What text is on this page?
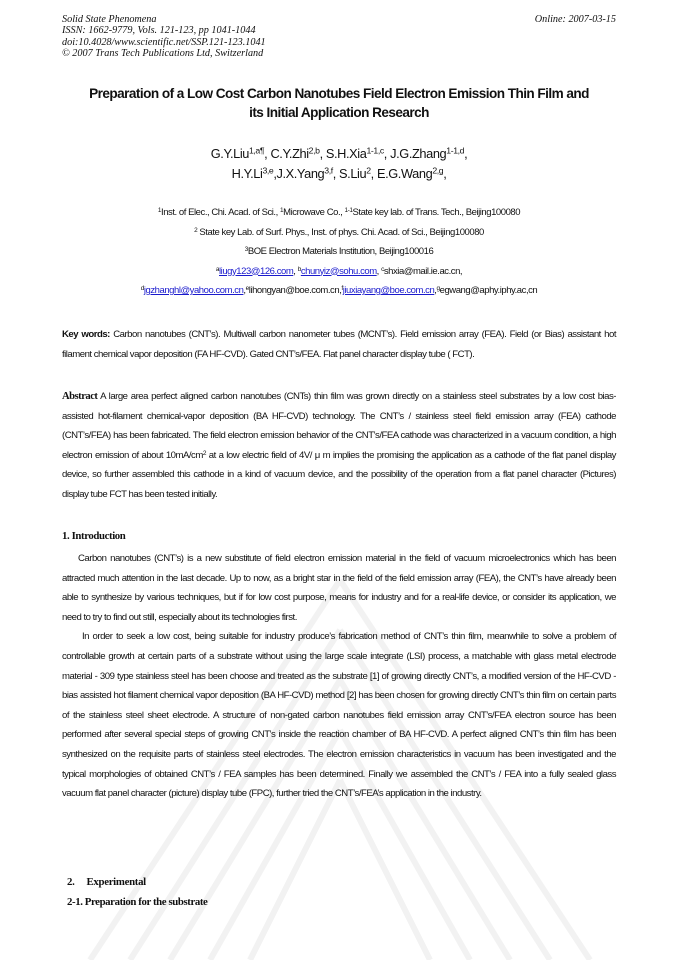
Solid State Phenomena
ISSN: 1662-9779, Vols. 121-123, pp 1041-1044
doi:10.4028/www.scientific.net/SSP.121-123.1041
© 2007 Trans Tech Publications Ltd, Switzerland
Online: 2007-03-15
Preparation of a Low Cost Carbon Nanotubes Field Electron Emission Thin Film and
its Initial Application Research
G.Y.Liu$^{1,a\P}$, C.Y.Zhi$^{2,b}$, S.H.Xia$^{1-1,c}$, J.G.Zhang$^{1-1,d}$,
H.Y.Li$^{3,e}$,J.X.Yang$^{3,f}$, S.Liu$^2$, E.G.Wang$^{2,g}$,
$^1$Inst. of Elec., Chi. Acad. of Sci., $^1$Microwave Co., $^{1-1}$State key lab. of Trans. Tech., Beijing100080
$^2$ State key Lab. of Surf. Phys., Inst. of phys. Chi. Acad. of Sci., Beijing100080
$^3$BOE Electron Materials Institution, Beijing100016
$^a$liugy123@126.com, $^b$chunyiz@sohu.com, $^c$shxia@mail.ie.ac.cn,
$^d$jgzhanghl@yahoo.com.cn,$^e$lihongyan@boe.com.cn,$^f$jiuxiayang@boe.com.cn,$^g$egwang@aphy.iphy.ac,cn

Key words: Carbon nanotubes (CNT’s). Multiwall carbon nanometer tubes (MCNT’s). Field emission array (FEA). Field (or Bias) assistant hot filament chemical vapor deposition (FA HF-CVD). Gated CNT’s/FEA. Flat panel character display tube ( FCT).

Abstract A large area perfect aligned carbon nanotubes (CNTs) thin film was grown directly on a stainless steel substrates by a low cost bias-assisted hot-filament chemical-vapor deposition (BA HF-CVD) technology. The CNT’s / stainless steel field emission array (FEA) cathode (CNT’s/FEA) has been fabricated. The field electron emission behavior of the CNT’s/FEA cathode was characterized in a vacuum condition, a high electron emission of about $10mA/cm^2$ at a low electric field of 4V/ μ m implies the promising the application as a cathode of the flat panel display device, so further assembled this cathode in a kind of vacuum device, and the possibility of the operation from a flat panel character (Pictures) display tube FCT has been tested initially.

1. Introduction

Carbon nanotubes (CNT’s) is a new substitute of field electron emission material in the field of vacuum microelectronics which has been attracted much attention in the last decade. Up to now, as a bright star in the field of the field emission array (FEA), the CNT’s have already been able to synthesize by various techniques, but if for low cost purpose, means for industry and for a real-life device, or consider its application, we need to try to find out still, especially about its technologies first.

In order to seek a low cost, being suitable for industry produce’s fabrication method of CNT’s thin film, meanwhile to solve a problem of controllable growth at certain parts of a substrate without using the large scale integrate (LSI) process, a matchable with glass metal electrode material - 309 type stainless steel has been choose and treated as the substrate [1] of growing directly CNT’s, a modified version of the HF-CVD - bias assisted hot filament chemical vapor deposition (BA HF-CVD) method [2] has been chosen for growing directly CNT’s thin film on certain parts of the stainless steel sheet electrode. A structure of non-gated carbon nanotubes field emission array CNT’s/FEA electron source has been performed after several special steps of growing CNT’s inside the reaction chamber of BA HF-CVD. A perfect aligned CNT’s thin film has been synthesized on the requisite parts of stainless steel electrodes. The electron emission characteristics in vacuum has been investigated and the typical morphologies of obtained CNT’s / FEA samples has been determined. Finally we assembled the CNT’s / FEA into a fully sealed glass vacuum flat panel character (picture) display tube (FPC), further tried the CNT’s/FEA’s application in the industry.

2.     Experimental
2-1. Preparation for the substrate
